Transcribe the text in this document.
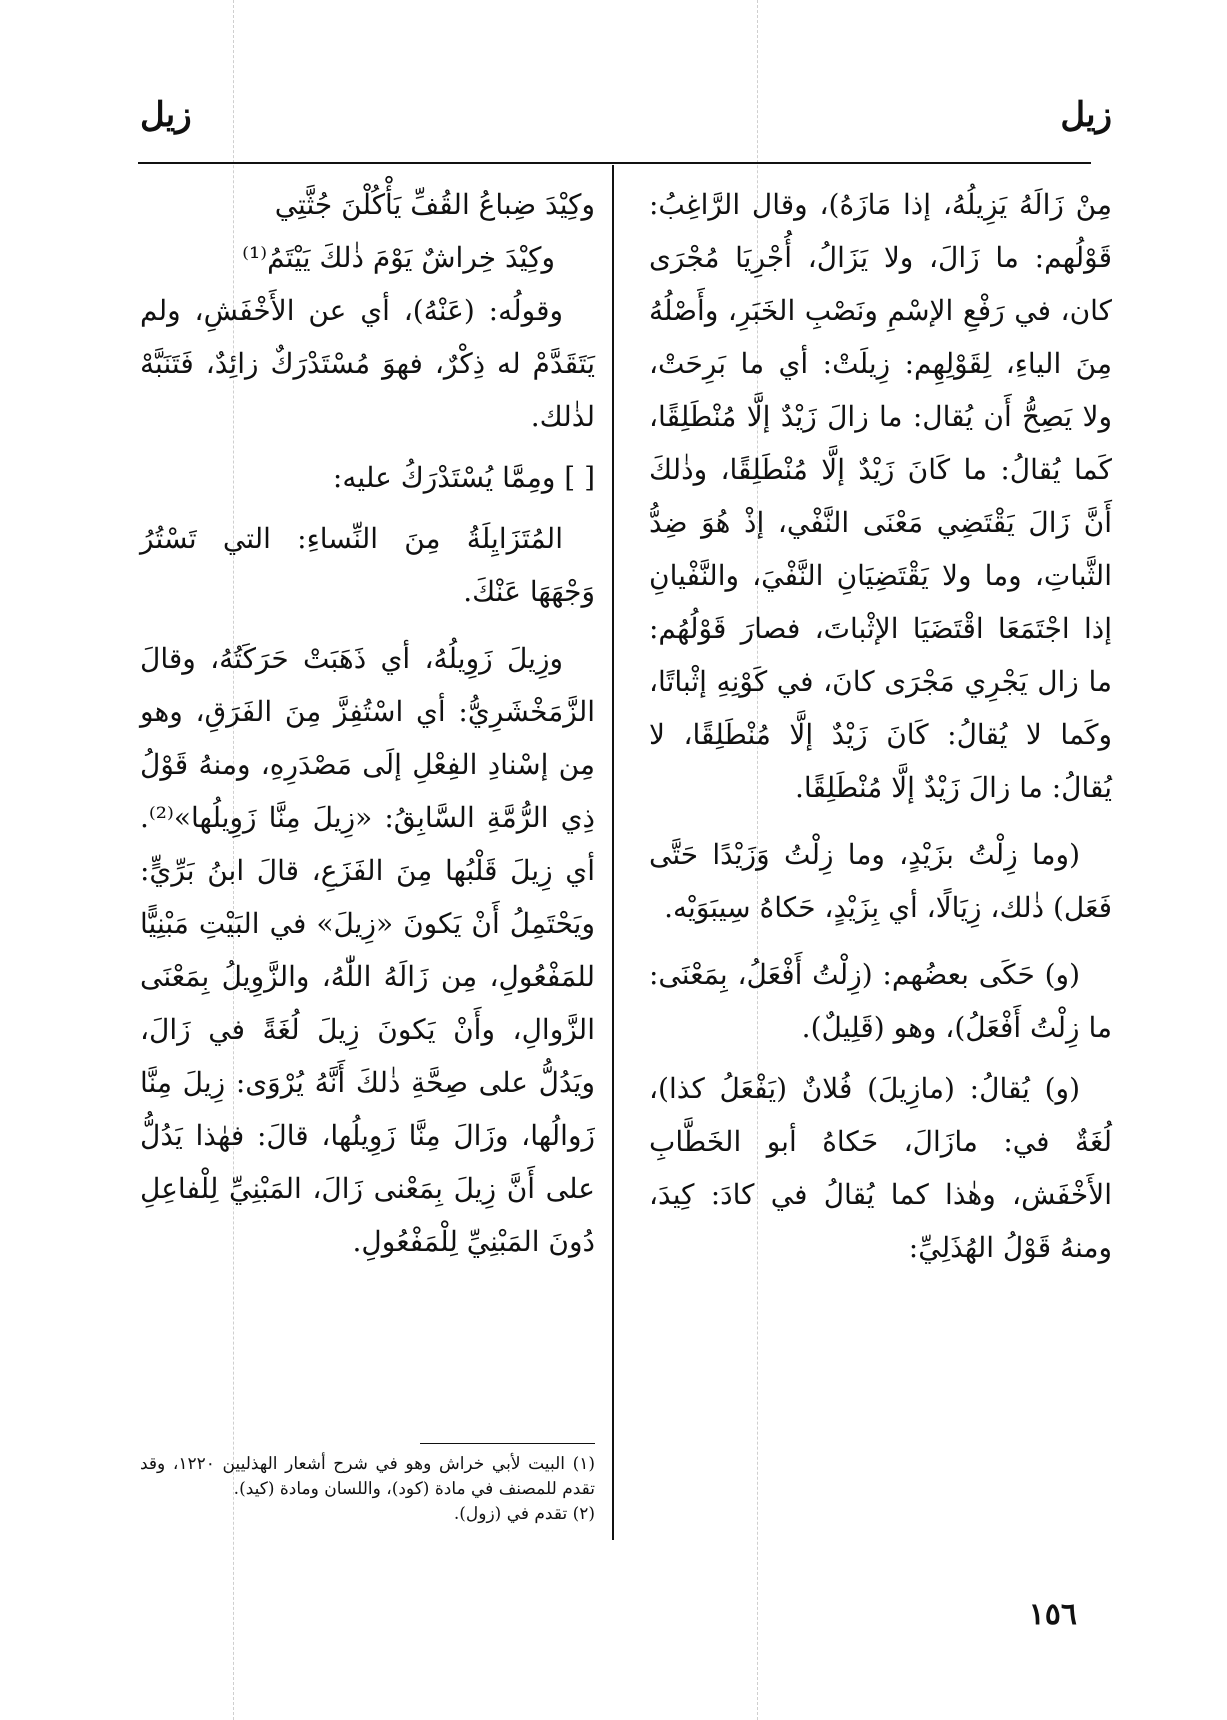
زيل
زيل

مِنْ زَالَهُ يَزِيلُهُ، إذا مَازَهُ)، وقال الرَّاغِبُ: قَوْلُهم: ما زَالَ، ولا يَزَالُ، أُجْرِيَا مُجْرَى كان، في رَفْعِ الإسْمِ ونَصْبِ الخَبَرِ، وأَصْلُهُ مِنَ الياءِ، لِقَوْلِهِم: زِيلَتْ: أي ما بَرِحَتْ، ولا يَصِحُّ أَن يُقال: ما زالَ زَيْدٌ إلَّا مُنْطَلِقًا، كَما يُقالُ: ما كَانَ زَيْدٌ إلَّا مُنْطَلِقًا، وذٰلكَ أَنَّ زَالَ يَقْتَضِي مَعْنَى النَّفْي، إذْ هُوَ ضِدُّ الثَّباتِ، وما ولا يَقْتَضِيَانِ النَّفْيَ، والنَّفْيانِ إذا اجْتَمَعَا اقْتَضَيَا الإثْباتَ، فصارَ قَوْلُهُم: ما زال يَجْرِي مَجْرَى كانَ، في كَوْنِهِ إثْباتًا، وكَما لا يُقالُ: كَانَ زَيْدٌ إلَّا مُنْطَلِقًا، لا يُقالُ: ما زالَ زَيْدٌ إلَّا مُنْطَلِقًا.

(وما زِلْتُ بزَيْدٍ، وما زِلْتُ وَزَيْدًا حَتَّى فَعَل) ذٰلك، زِيَالًا، أي بِزَيْدٍ، حَكاهُ سِيبَوَيْه.

(و) حَكَى بعضُهم: (زِلْتُ أَفْعَلُ، بِمَعْنَى: ما زِلْتُ أَفْعَلُ)، وهو (قَلِيلٌ).

(و) يُقالُ: (مازِيلَ) فُلانٌ (يَفْعَلُ كذا)، لُغَةٌ في: مازَالَ، حَكاهُ أبو الخَطَّابِ الأَخْفَش، وهٰذا كما يُقالُ في كادَ: كِيدَ، ومنهُ قَوْلُ الهُذَلِيِّ:

وكِيْدَ ضِباعُ القُفِّ يَأْكُلْنَ جُثَّتِي

وكِيْدَ خِراشٌ يَوْمَ ذٰلكَ يَيْتَمُ⁽¹⁾

وقولُه: (عَنْهُ)، أي عن الأَخْفَشِ، ولم يَتَقَدَّمْ له ذِكْرٌ، فهوَ مُسْتَدْرَكٌ زائِدٌ، فَتَنَبَّهْ لذٰلك.

[ ] ومِمَّا يُسْتَدْرَكُ عليه:

المُتَزَايِلَةُ مِنَ النِّساءِ: التي تَسْتُرُ وَجْهَهَا عَنْكَ.

وزِيلَ زَوِيلُهُ، أي ذَهَبَتْ حَرَكَتُهُ، وقالَ الزَّمَخْشَرِيُّ: أي اسْتُفِزَّ مِنَ الفَرَقِ، وهو مِن إسْنادِ الفِعْلِ إلَى مَصْدَرِهِ، ومنهُ قَوْلُ ذِي الرُّمَّةِ السَّابِقُ: «زِيلَ مِنَّا زَوِيلُها»⁽²⁾. أي زِيلَ قَلْبُها مِنَ الفَزَعِ، قالَ ابنُ بَرِّيٍّ: ويَحْتَمِلُ أَنْ يَكونَ «زِيلَ» في البَيْتِ مَبْنِيًّا للمَفْعُولِ، مِن زَالَهُ اللّٰهُ، والزَّوِيلُ بِمَعْنَى الزَّوالِ، وأَنْ يَكونَ زِيلَ لُغَةً في زَالَ، ويَدُلُّ على صِحَّةِ ذٰلكَ أَنَّهُ يُرْوَى: زِيلَ مِنَّا زَوالُها، وزَالَ مِنَّا زَوِيلُها، قالَ: فهٰذا يَدُلُّ على أَنَّ زِيلَ بِمَعْنى زَالَ، المَبْنِيِّ لِلْفاعِلِ دُونَ المَبْنِيِّ لِلْمَفْعُولِ.

(١) البيت لأبي خراش وهو في شرح أشعار الهذليين ١٢٢٠، وقد تقدم للمصنف في مادة (كود)، واللسان ومادة (كيد).

(٢) تقدم في (زول).

١٥٦
